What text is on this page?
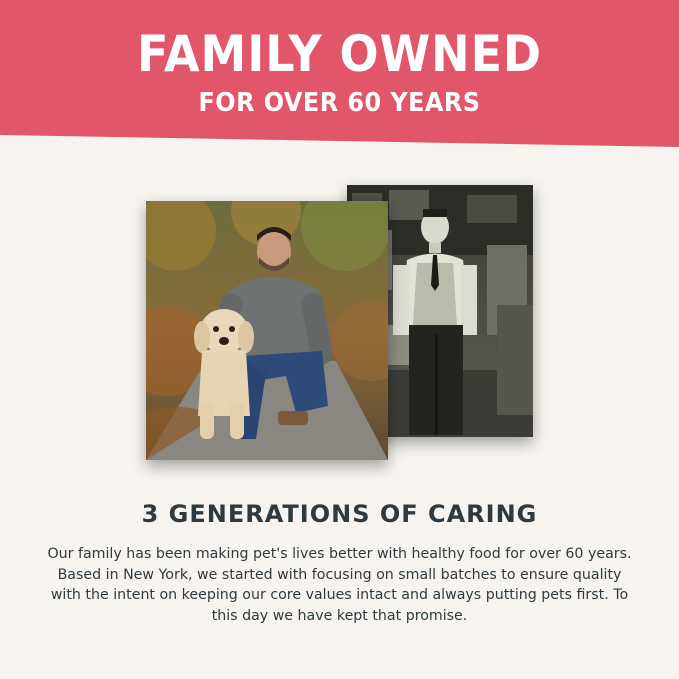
FAMILY OWNED
FOR OVER 60 YEARS
3 GENERATIONS OF CARING

Our family has been making pet's lives better with healthy food for over 60 years. Based in New York, we started with focusing on small batches to ensure quality with the intent on keeping our core values intact and always putting pets first. To this day we have kept that promise.
